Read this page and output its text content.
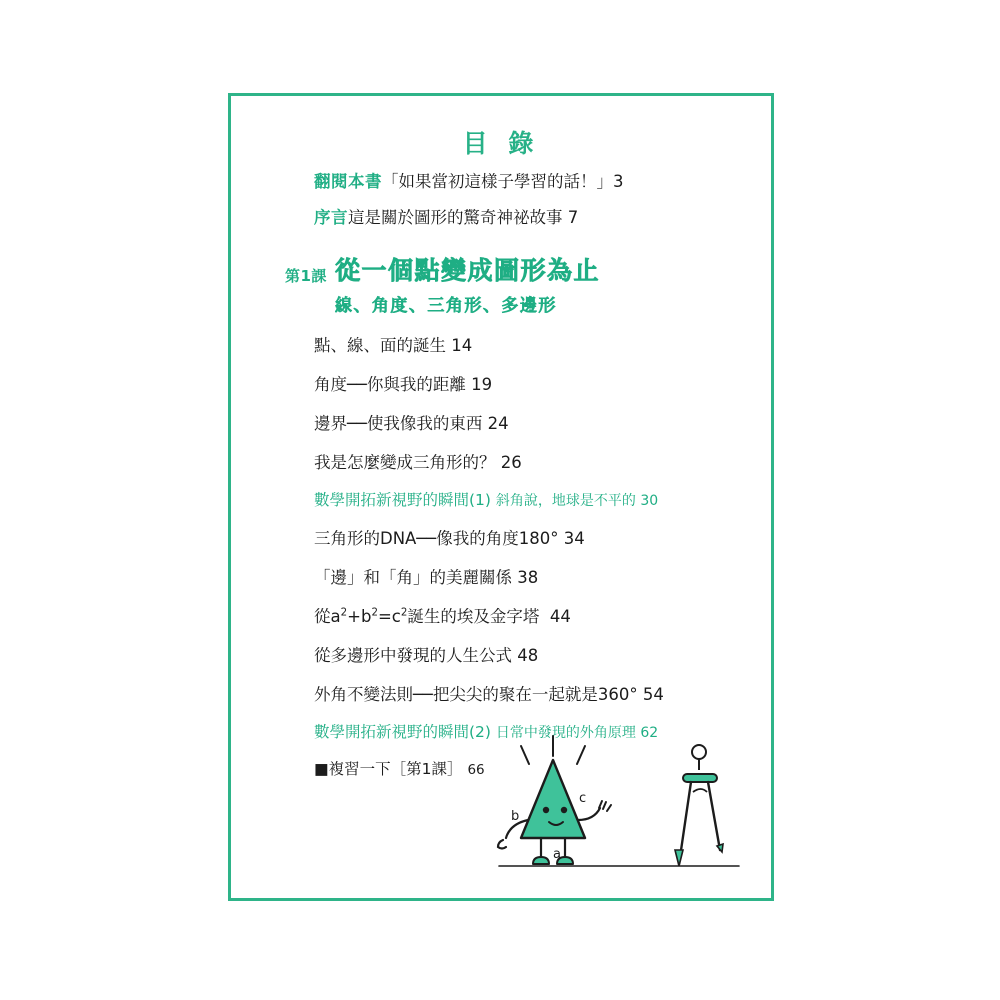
目 錄
翻閱本書「如果當初這樣子學習的話！」3
序言這是關於圖形的驚奇神祕故事 7
第1課 從一個點變成圖形為止
線、角度、三角形、多邊形
點、線、面的誕生 14
角度──你與我的距離 19
邊界──使我像我的東西 24
我是怎麼變成三角形的？ 26
數學開拓新視野的瞬間(1) 斜角說，地球是不平的 30
三角形的DNA──像我的角度180° 34
「邊」和「角」的美麗關係 38
從$a^2+b^2=c^2$誕生的埃及金字塔  44
從多邊形中發現的人生公式 48
外角不變法則──把尖尖的聚在一起就是360° 54
數學開拓新視野的瞬間(2) 日常中發現的外角原理 62
■複習一下［第1課］ 66
a
b
c
